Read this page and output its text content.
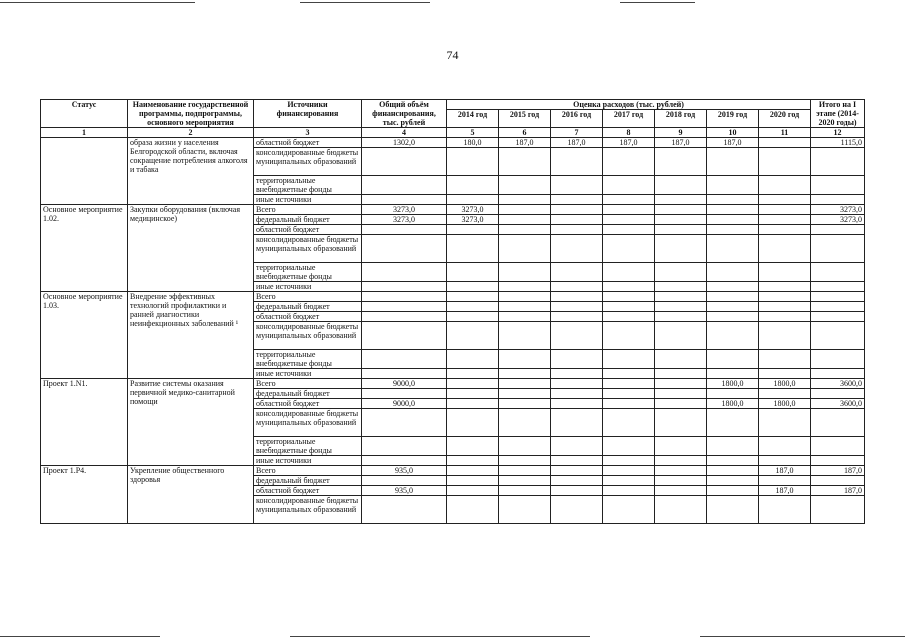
74
Статус	Наименование государственной программы, подпрограммы, основного мероприятия	Источники финансирования	Общий объём финансирования, тыс. рублей	Оценка расходов (тыс. рублей)							Итого на I этапе (2014-2020 годы)
				2014 год	2015 год	2016 год	2017 год	2018 год	2019 год	2020 год	
1	2	3	4	5	6	7	8	9	10	11	12
	образа жизни у населения Белгородской области, включая сокращение потребления алкоголя и табака	областной бюджет	1302,0	180,0	187,0	187,0	187,0	187,0	187,0		1115,0
		консолидированные бюджеты муниципальных образований									
		территориальные внебюджетные фонды									
		иные источники									
Основное мероприятие 1.02.	Закупки оборудования (включая медицинское)	Всего	3273,0	3273,0							3273,0
		федеральный бюджет	3273,0	3273,0							3273,0
		областной бюджет									
		консолидированные бюджеты муниципальных образований									
		территориальные внебюджетные фонды									
		иные источники									
Основное мероприятие 1.03.	Внедрение эффективных технологий профилактики и ранней диагностики неинфекционных заболеваний ¹	Всего									
		федеральный бюджет									
		областной бюджет									
		консолидированные бюджеты муниципальных образований									
		территориальные внебюджетные фонды									
		иные источники									
Проект 1.N1.	Развитие системы оказания первичной медико-санитарной помощи	Всего	9000,0						1800,0	1800,0	3600,0
		федеральный бюджет									
		областной бюджет	9000,0						1800,0	1800,0	3600,0
		консолидированные бюджеты муниципальных образований									
		территориальные внебюджетные фонды									
		иные источники									
Проект 1.Р4.	Укрепление общественного здоровья	Всего	935,0							187,0	187,0
		федеральный бюджет									
		областной бюджет	935,0							187,0	187,0
		консолидированные бюджеты муниципальных образований									
